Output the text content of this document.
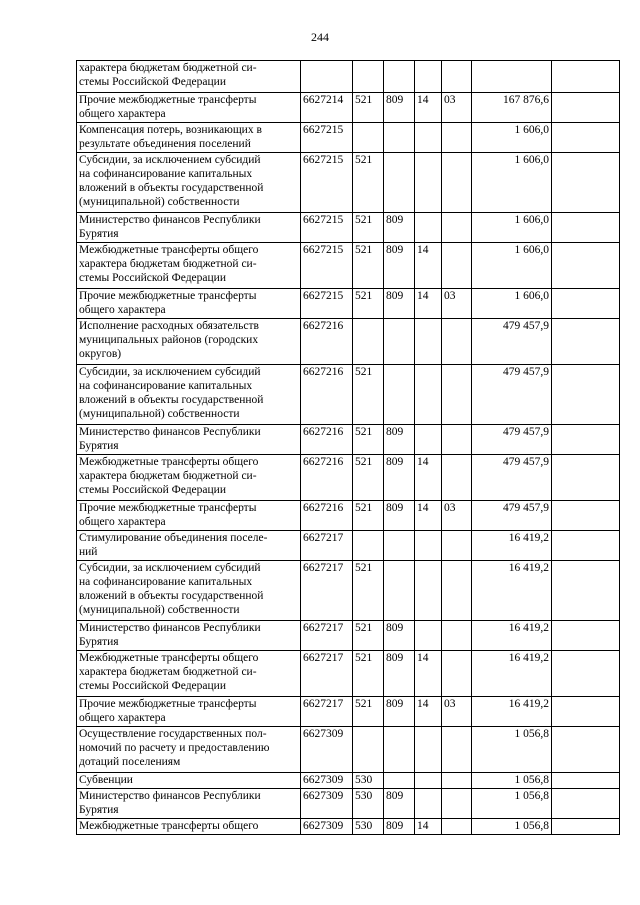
244
характера бюджетам бюджетной си-
стемы Российской Федерации							
Прочие межбюджетные трансферты
общего характера	6627214	521	809	14	03	167 876,6	
Компенсация потерь, возникающих в
результате объединения поселений	6627215					1 606,0	
Субсидии, за исключением субсидий
на софинансирование капитальных
вложений в объекты государственной
(муниципальной) собственности	6627215	521				1 606,0	
Министерство финансов Республики
Бурятия	6627215	521	809			1 606,0	
Межбюджетные трансферты общего
характера бюджетам бюджетной си-
стемы Российской Федерации	6627215	521	809	14		1 606,0	
Прочие межбюджетные трансферты
общего характера	6627215	521	809	14	03	1 606,0	
Исполнение расходных обязательств
муниципальных районов (городских
округов)	6627216					479 457,9	
Субсидии, за исключением субсидий
на софинансирование капитальных
вложений в объекты государственной
(муниципальной) собственности	6627216	521				479 457,9	
Министерство финансов Республики
Бурятия	6627216	521	809			479 457,9	
Межбюджетные трансферты общего
характера бюджетам бюджетной си-
стемы Российской Федерации	6627216	521	809	14		479 457,9	
Прочие межбюджетные трансферты
общего характера	6627216	521	809	14	03	479 457,9	
Стимулирование объединения поселе-
ний	6627217					16 419,2	
Субсидии, за исключением субсидий
на софинансирование капитальных
вложений в объекты государственной
(муниципальной) собственности	6627217	521				16 419,2	
Министерство финансов Республики
Бурятия	6627217	521	809			16 419,2	
Межбюджетные трансферты общего
характера бюджетам бюджетной си-
стемы Российской Федерации	6627217	521	809	14		16 419,2	
Прочие межбюджетные трансферты
общего характера	6627217	521	809	14	03	16 419,2	
Осуществление государственных пол-
номочий по расчету и предоставлению
дотаций поселениям	6627309					1 056,8	
Субвенции	6627309	530				1 056,8	
Министерство финансов Республики
Бурятия	6627309	530	809			1 056,8	
Межбюджетные трансферты общего	6627309	530	809	14		1 056,8	
